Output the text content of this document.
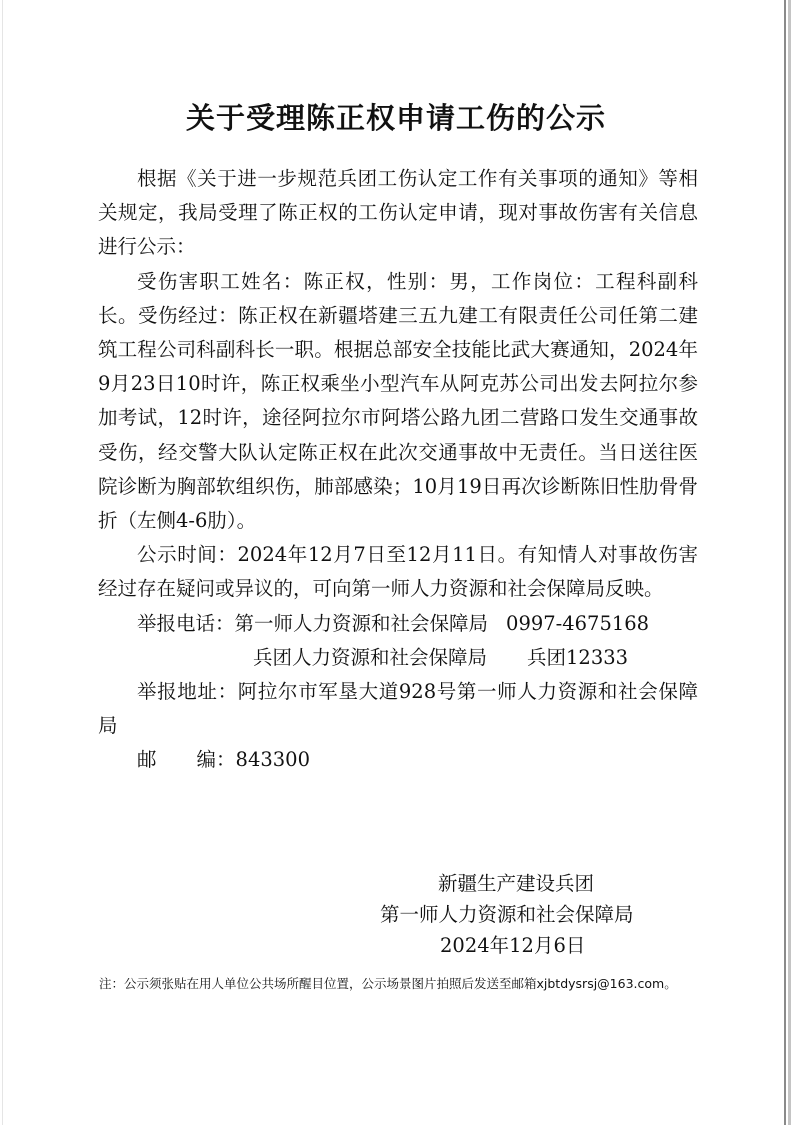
关于受理陈正权申请工伤的公示

根据《关于进一步规范兵团工伤认定工作有关事项的通知》等相关规定，我局受理了陈正权的工伤认定申请，现对事故伤害有关信息进行公示：

受伤害职工姓名：陈正权，性别：男，工作岗位：工程科副科长。受伤经过：陈正权在新疆塔建三五九建工有限责任公司任第二建筑工程公司科副科长一职。根据总部安全技能比武大赛通知，2024年9月23日10时许，陈正权乘坐小型汽车从阿克苏公司出发去阿拉尔参加考试，12时许，途径阿拉尔市阿塔公路九团二营路口发生交通事故受伤，经交警大队认定陈正权在此次交通事故中无责任。当日送往医院诊断为胸部软组织伤，肺部感染；10月19日再次诊断陈旧性肋骨骨折（左侧4-6肋）。

公示时间：2024年12月7日至12月11日。有知情人对事故伤害经过存在疑问或异议的，可向第一师人力资源和社会保障局反映。

举报电话：第一师人力资源和社会保障局 0997-4675168

兵团人力资源和社会保障局 兵团12333

举报地址：阿拉尔市军垦大道928号第一师人力资源和社会保障局

邮 编：843300

新疆生产建设兵团
第一师人力资源和社会保障局
2024年12月6日
注：公示须张贴在用人单位公共场所醒目位置，公示场景图片拍照后发送至邮箱xjbtdysrsj@163.com。
